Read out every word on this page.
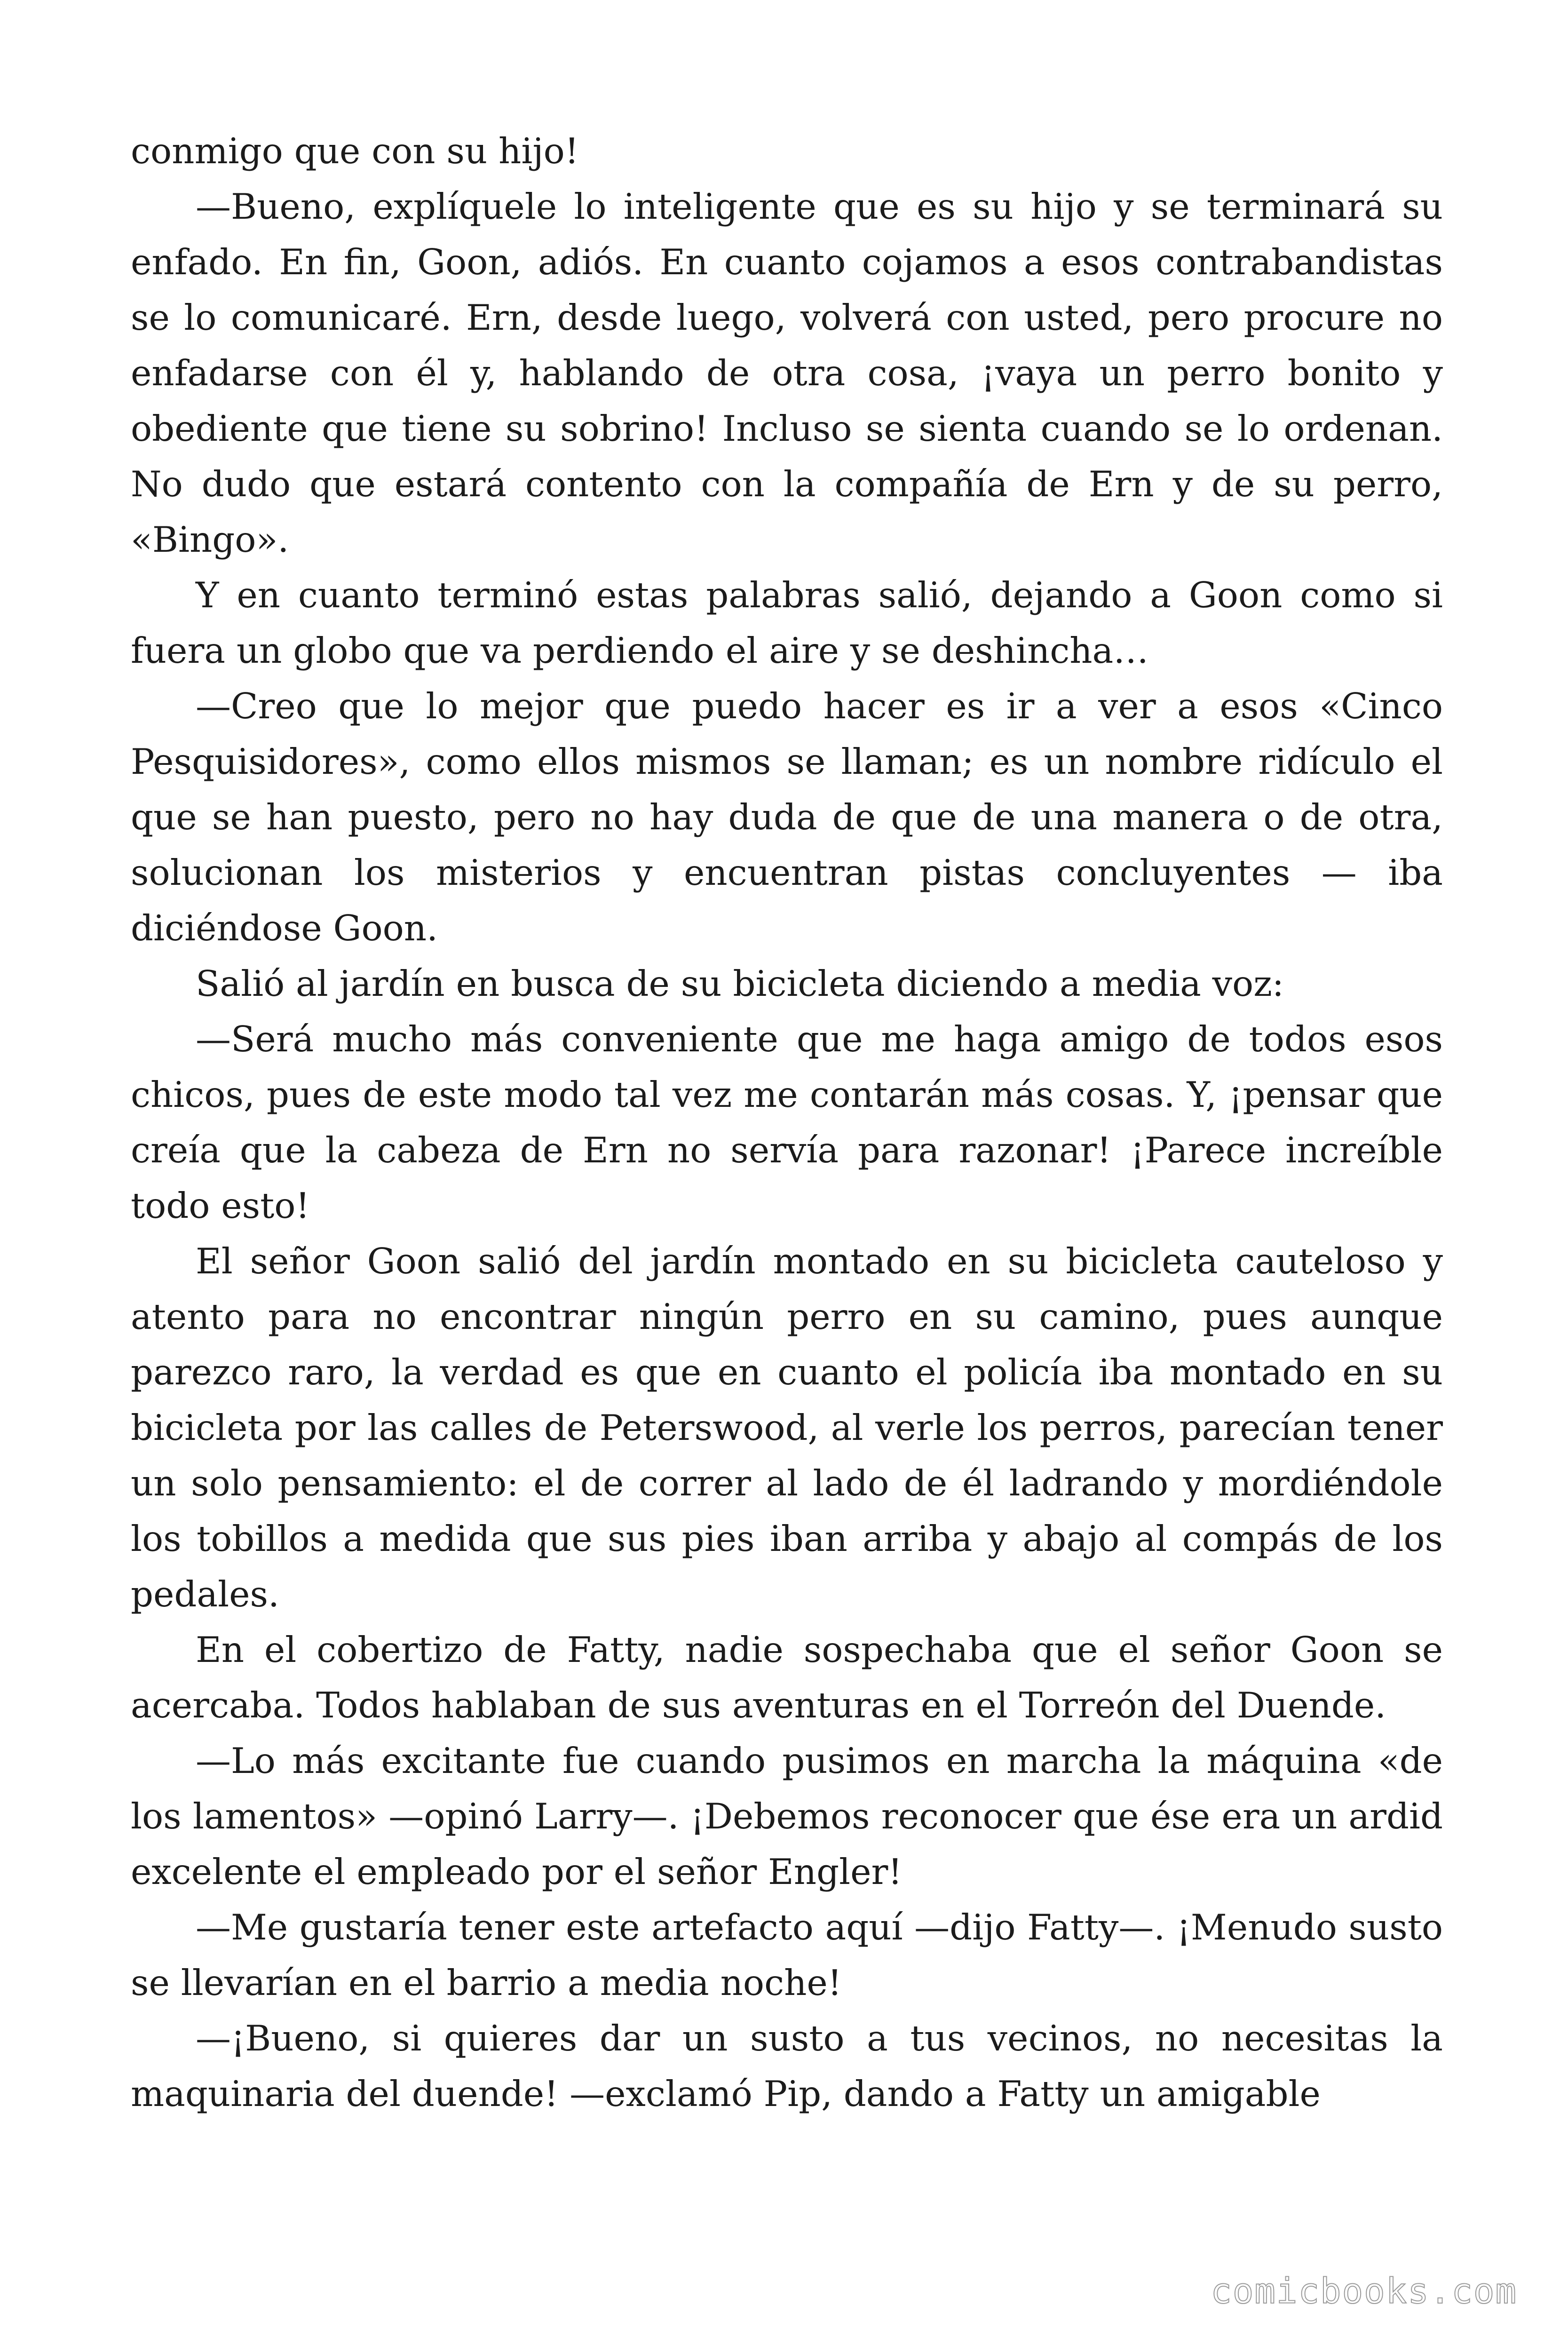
conmigo que con su hijo!

—Bueno, explíquele lo inteligente que es su hijo y se terminará su enfado. En fin, Goon, adiós. En cuanto cojamos a esos contrabandistas se lo comunicaré. Ern, desde luego, volverá con usted, pero procure no enfadarse con él y, hablando de otra cosa, ¡vaya un perro bonito y obediente que tiene su sobrino! Incluso se sienta cuando se lo ordenan. No dudo que estará contento con la compañía de Ern y de su perro, «Bingo».

Y en cuanto terminó estas palabras salió, dejando a Goon como si fuera un globo que va perdiendo el aire y se deshincha…

—Creo que lo mejor que puedo hacer es ir a ver a esos «Cinco Pesquisidores», como ellos mismos se llaman; es un nombre ridículo el que se han puesto, pero no hay duda de que de una manera o de otra, solucionan los misterios y encuentran pistas concluyentes — iba diciéndose Goon.

Salió al jardín en busca de su bicicleta diciendo a media voz:

—Será mucho más conveniente que me haga amigo de todos esos chicos, pues de este modo tal vez me contarán más cosas. Y, ¡pensar que creía que la cabeza de Ern no servía para razonar! ¡Parece increíble todo esto!

El señor Goon salió del jardín montado en su bicicleta cauteloso y atento para no encontrar ningún perro en su camino, pues aunque parezco raro, la verdad es que en cuanto el policía iba montado en su bicicleta por las calles de Peterswood, al verle los perros, parecían tener un solo pensamiento: el de correr al lado de él ladrando y mordiéndole los tobillos a medida que sus pies iban arriba y abajo al compás de los pedales.

En el cobertizo de Fatty, nadie sospechaba que el señor Goon se acercaba. Todos hablaban de sus aventuras en el Torreón del Duende.

—Lo más excitante fue cuando pusimos en marcha la máquina «de los lamentos» —opinó Larry—. ¡Debemos reconocer que ése era un ardid excelente el empleado por el señor Engler!

—Me gustaría tener este artefacto aquí —dijo Fatty—. ¡Menudo susto se llevarían en el barrio a media noche!

—¡Bueno, si quieres dar un susto a tus vecinos, no necesitas la maquinaria del duende! —exclamó Pip, dando a Fatty un amigable

comicbooks.com
